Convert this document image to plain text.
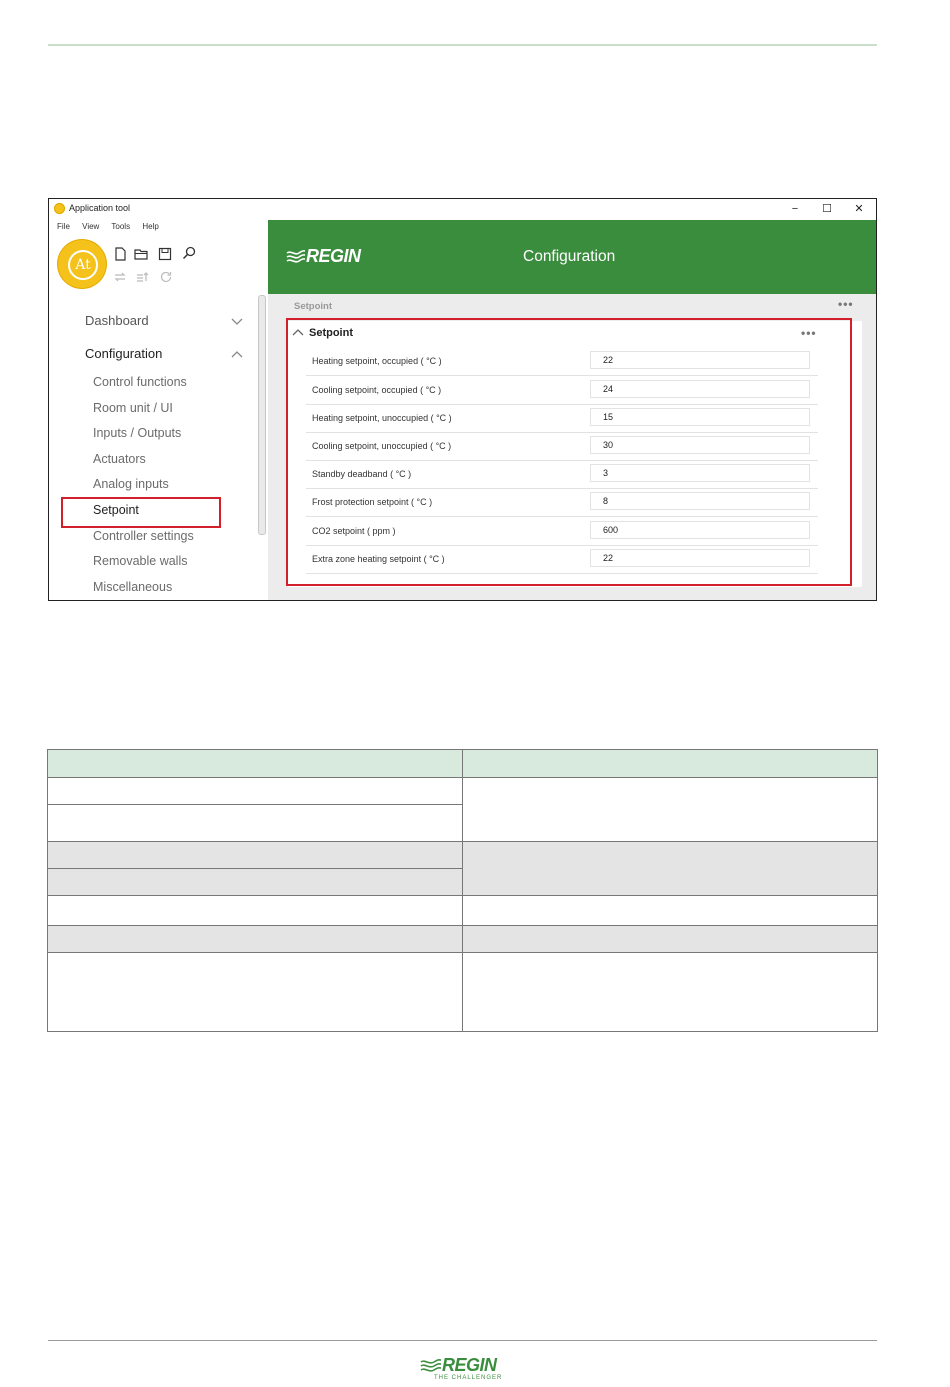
Application tool	−	☐	✕
File View Tools Help
At
Dashboard
Configuration
Control functions
Room unit / UI
Inputs / Outputs
Actuators
Analog inputs
Setpoint
Controller settings
Removable walls
Miscellaneous
REGIN	Configuration
Setpoint	•••
Setpoint	•••
Heating setpoint, occupied ( °C )	22
Cooling setpoint, occupied ( °C )	24
Heating setpoint, unoccupied ( °C )	15
Cooling setpoint, unoccupied ( °C )	30
Standby deadband ( °C )	3
Frost protection setpoint ( °C )	8
CO2 setpoint ( ppm )	600
Extra zone heating setpoint ( °C )	22

REGIN
THE CHALLENGER
